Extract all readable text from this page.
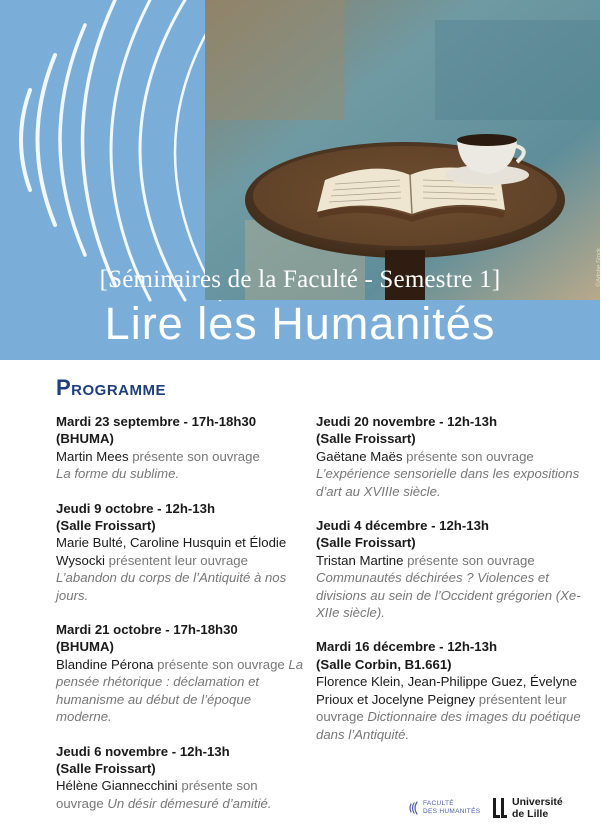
©Adobe Stock
[Séminaires de la Faculté - Semestre 1]
Lire les Humanités
Programme
Mardi 23 septembre - 17h-18h30
(BHUMA)
Martin Mees présente son ouvrage
La forme du sublime.
Jeudi 9 octobre - 12h-13h
(Salle Froissart)
Marie Bulté, Caroline Husquin et Élodie Wysocki présentent leur ouvrage L’abandon du corps de l’Antiquité à nos jours.
Mardi 21 octobre - 17h-18h30
(BHUMA)
Blandine Pérona présente son ouvrage La pensée rhétorique : déclamation et humanisme au début de l’époque moderne.
Jeudi 6 novembre - 12h-13h
(Salle Froissart)
Hélène Giannecchini présente son ouvrage Un désir démesuré d’amitié.
Jeudi 20 novembre - 12h-13h
(Salle Froissart)
Gaëtane Maës présente son ouvrage L’expérience sensorielle dans les expositions d’art au XVIIIe siècle.
Jeudi 4 décembre - 12h-13h
(Salle Froissart)
Tristan Martine présente son ouvrage Communautés déchirées ? Violences et divisions au sein de l’Occident grégorien (Xe-XIIe siècle).
Mardi 16 décembre - 12h-13h
(Salle Corbin, B1.661)
Florence Klein, Jean-Philippe Guez, Évelyne Prioux et Jocelyne Peigney présentent leur ouvrage Dictionnaire des images du poétique dans l’Antiquité.
FACULTÉ
DES HUMANITÉS
Université
de Lille
